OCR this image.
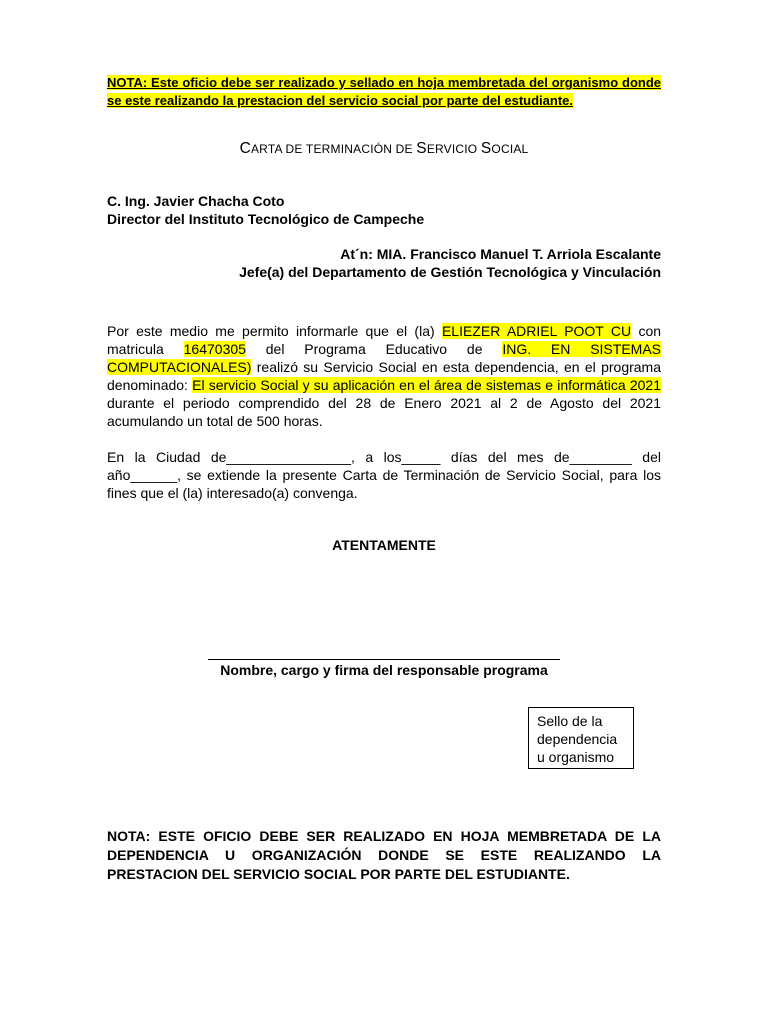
NOTA: Este oficio debe ser realizado y sellado en hoja membretada del organismo donde se este realizando la prestacion del servicio social por parte del estudiante.
CARTA DE TERMINACIÓN DE SERVICIO SOCIAL
C. Ing. Javier Chacha Coto
Director del Instituto Tecnológico de Campeche
At´n: MIA. Francisco Manuel T. Arriola Escalante
Jefe(a) del Departamento de Gestión Tecnológica y Vinculación
Por este medio me permito informarle que el (la) ELIEZER ADRIEL POOT CU con matricula 16470305 del Programa Educativo de ING. EN SISTEMAS COMPUTACIONALES) realizó su Servicio Social en esta dependencia, en el programa denominado: El servicio Social y su aplicación en el área de sistemas e informática 2021 durante el periodo comprendido del 28 de Enero 2021 al 2 de Agosto del 2021 acumulando un total de 500 horas.
En la Ciudad de________________, a los_____ días del mes de________ del año______, se extiende la presente Carta de Terminación de Servicio Social, para los fines que el (la) interesado(a) convenga.
ATENTAMENTE
Nombre, cargo y firma del responsable programa
Sello de la dependencia u organismo
NOTA: ESTE OFICIO DEBE SER REALIZADO EN HOJA MEMBRETADA DE LA DEPENDENCIA U ORGANIZACIÓN DONDE SE ESTE REALIZANDO LA PRESTACION DEL SERVICIO SOCIAL POR PARTE DEL ESTUDIANTE.
